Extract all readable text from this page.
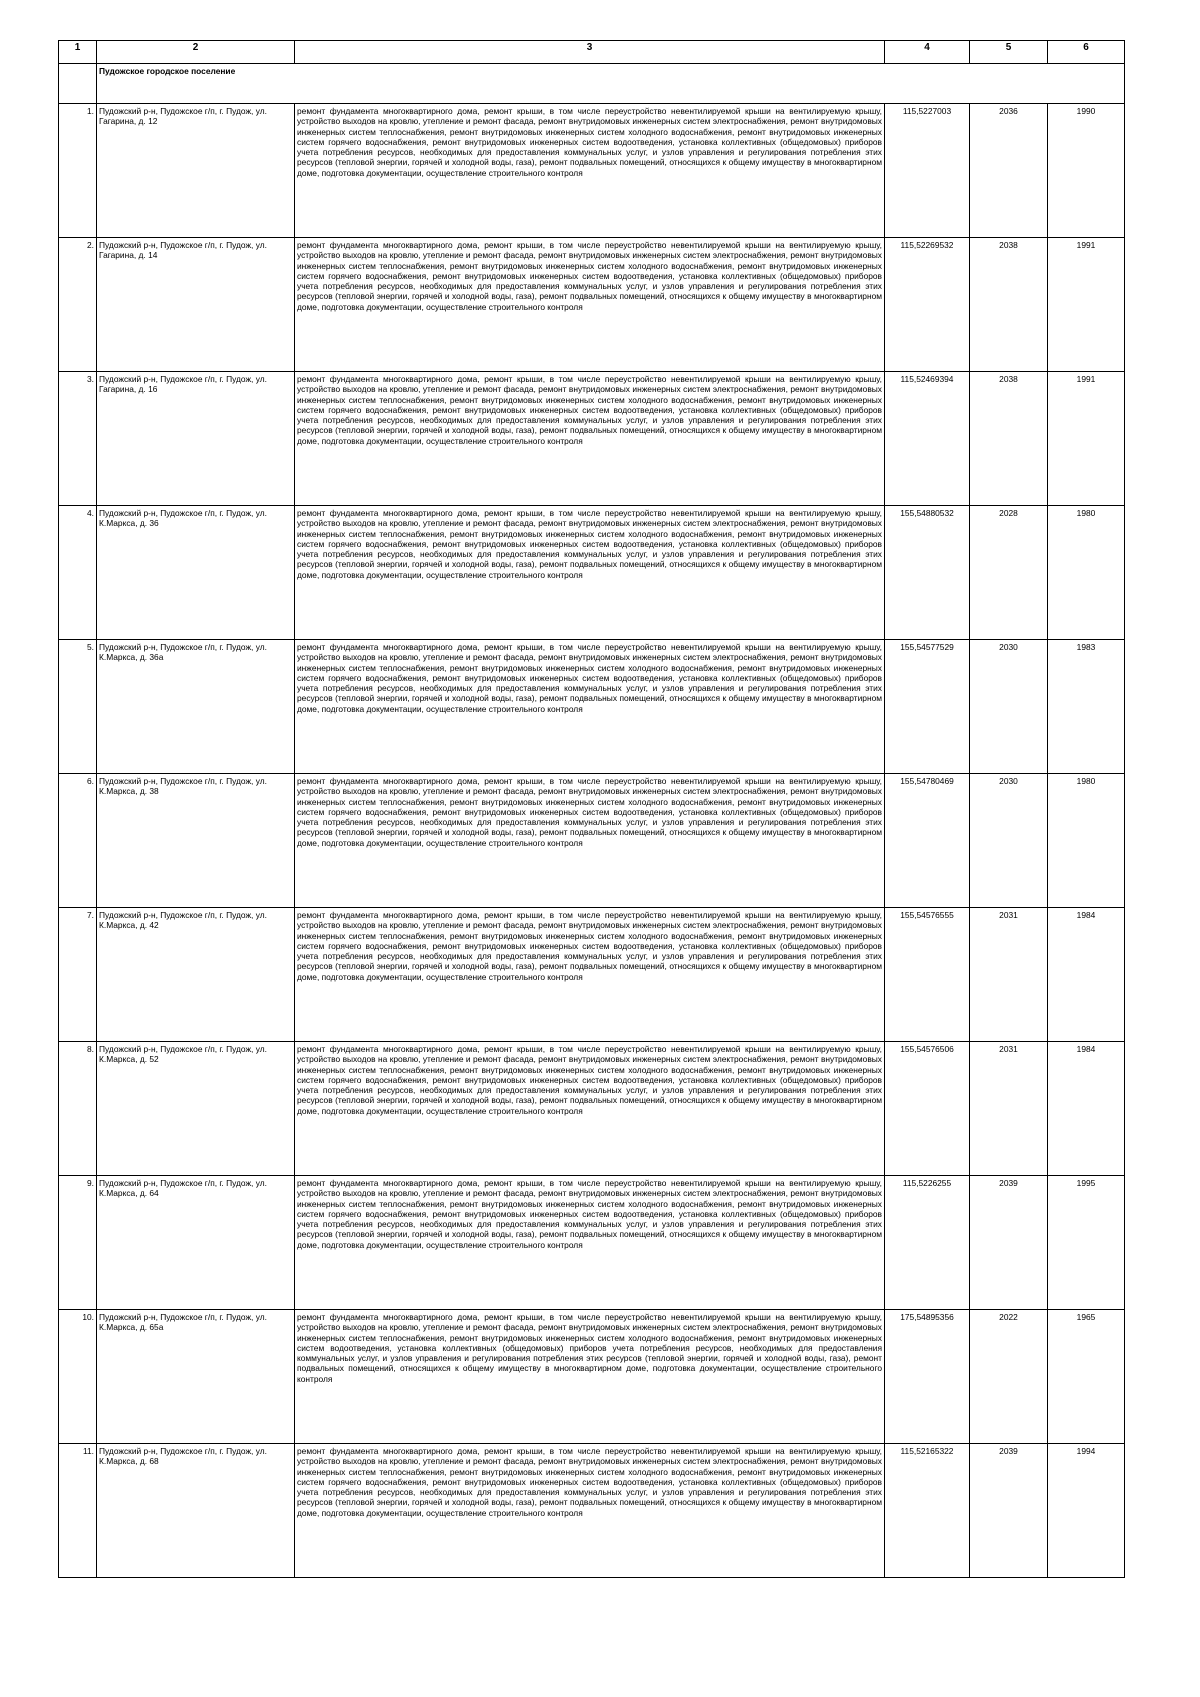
1	2	3	4	5	6
	Пудожское городское поселение				
1.	Пудожский р-н, Пудожское г/п, г. Пудож, ул. Гагарина, д. 12	ремонт фундамента многоквартирного дома, ремонт крыши, в том числе переустройство невентилируемой крыши на вентилируемую крышу, устройство выходов на кровлю, утепление и ремонт фасада, ремонт внутридомовых инженерных систем электроснабжения, ремонт внутридомовых инженерных систем теплоснабжения, ремонт внутридомовых инженерных систем холодного водоснабжения, ремонт внутридомовых инженерных систем горячего водоснабжения, ремонт внутридомовых инженерных систем водоотведения, установка коллективных (общедомовых) приборов учета потребления ресурсов, необходимых для предоставления коммунальных услуг, и узлов управления и регулирования потребления этих ресурсов (тепловой энергии, горячей и холодной воды, газа), ремонт подвальных помещений, относящихся к общему имуществу в многоквартирном доме, подготовка документации, осуществление строительного контроля	115,5227003	2036	1990
2.	Пудожский р-н, Пудожское г/п, г. Пудож, ул. Гагарина, д. 14	ремонт фундамента многоквартирного дома, ремонт крыши, в том числе переустройство невентилируемой крыши на вентилируемую крышу, устройство выходов на кровлю, утепление и ремонт фасада, ремонт внутридомовых инженерных систем электроснабжения, ремонт внутридомовых инженерных систем теплоснабжения, ремонт внутридомовых инженерных систем холодного водоснабжения, ремонт внутридомовых инженерных систем горячего водоснабжения, ремонт внутридомовых инженерных систем водоотведения, установка коллективных (общедомовых) приборов учета потребления ресурсов, необходимых для предоставления коммунальных услуг, и узлов управления и регулирования потребления этих ресурсов (тепловой энергии, горячей и холодной воды, газа), ремонт подвальных помещений, относящихся к общему имуществу в многоквартирном доме, подготовка документации, осуществление строительного контроля	115,52269532	2038	1991
3.	Пудожский р-н, Пудожское г/п, г. Пудож, ул. Гагарина, д. 16	ремонт фундамента многоквартирного дома, ремонт крыши, в том числе переустройство невентилируемой крыши на вентилируемую крышу, устройство выходов на кровлю, утепление и ремонт фасада, ремонт внутридомовых инженерных систем электроснабжения, ремонт внутридомовых инженерных систем теплоснабжения, ремонт внутридомовых инженерных систем холодного водоснабжения, ремонт внутридомовых инженерных систем горячего водоснабжения, ремонт внутридомовых инженерных систем водоотведения, установка коллективных (общедомовых) приборов учета потребления ресурсов, необходимых для предоставления коммунальных услуг, и узлов управления и регулирования потребления этих ресурсов (тепловой энергии, горячей и холодной воды, газа), ремонт подвальных помещений, относящихся к общему имуществу в многоквартирном доме, подготовка документации, осуществление строительного контроля	115,52469394	2038	1991
4.	Пудожский р-н, Пудожское г/п, г. Пудож, ул. К.Маркса, д. 36	ремонт фундамента многоквартирного дома, ремонт крыши, в том числе переустройство невентилируемой крыши на вентилируемую крышу, устройство выходов на кровлю, утепление и ремонт фасада, ремонт внутридомовых инженерных систем электроснабжения, ремонт внутридомовых инженерных систем теплоснабжения, ремонт внутридомовых инженерных систем холодного водоснабжения, ремонт внутридомовых инженерных систем горячего водоснабжения, ремонт внутридомовых инженерных систем водоотведения, установка коллективных (общедомовых) приборов учета потребления ресурсов, необходимых для предоставления коммунальных услуг, и узлов управления и регулирования потребления этих ресурсов (тепловой энергии, горячей и холодной воды, газа), ремонт подвальных помещений, относящихся к общему имуществу в многоквартирном доме, подготовка документации, осуществление строительного контроля	155,54880532	2028	1980
5.	Пудожский р-н, Пудожское г/п, г. Пудож, ул. К.Маркса, д. 36а	ремонт фундамента многоквартирного дома, ремонт крыши, в том числе переустройство невентилируемой крыши на вентилируемую крышу, устройство выходов на кровлю, утепление и ремонт фасада, ремонт внутридомовых инженерных систем электроснабжения, ремонт внутридомовых инженерных систем теплоснабжения, ремонт внутридомовых инженерных систем холодного водоснабжения, ремонт внутридомовых инженерных систем горячего водоснабжения, ремонт внутридомовых инженерных систем водоотведения, установка коллективных (общедомовых) приборов учета потребления ресурсов, необходимых для предоставления коммунальных услуг, и узлов управления и регулирования потребления этих ресурсов (тепловой энергии, горячей и холодной воды, газа), ремонт подвальных помещений, относящихся к общему имуществу в многоквартирном доме, подготовка документации, осуществление строительного контроля	155,54577529	2030	1983
6.	Пудожский р-н, Пудожское г/п, г. Пудож, ул. К.Маркса, д. 38	ремонт фундамента многоквартирного дома, ремонт крыши, в том числе переустройство невентилируемой крыши на вентилируемую крышу, устройство выходов на кровлю, утепление и ремонт фасада, ремонт внутридомовых инженерных систем электроснабжения, ремонт внутридомовых инженерных систем теплоснабжения, ремонт внутридомовых инженерных систем холодного водоснабжения, ремонт внутридомовых инженерных систем горячего водоснабжения, ремонт внутридомовых инженерных систем водоотведения, установка коллективных (общедомовых) приборов учета потребления ресурсов, необходимых для предоставления коммунальных услуг, и узлов управления и регулирования потребления этих ресурсов (тепловой энергии, горячей и холодной воды, газа), ремонт подвальных помещений, относящихся к общему имуществу в многоквартирном доме, подготовка документации, осуществление строительного контроля	155,54780469	2030	1980
7.	Пудожский р-н, Пудожское г/п, г. Пудож, ул. К.Маркса, д. 42	ремонт фундамента многоквартирного дома, ремонт крыши, в том числе переустройство невентилируемой крыши на вентилируемую крышу, устройство выходов на кровлю, утепление и ремонт фасада, ремонт внутридомовых инженерных систем электроснабжения, ремонт внутридомовых инженерных систем теплоснабжения, ремонт внутридомовых инженерных систем холодного водоснабжения, ремонт внутридомовых инженерных систем горячего водоснабжения, ремонт внутридомовых инженерных систем водоотведения, установка коллективных (общедомовых) приборов учета потребления ресурсов, необходимых для предоставления коммунальных услуг, и узлов управления и регулирования потребления этих ресурсов (тепловой энергии, горячей и холодной воды, газа), ремонт подвальных помещений, относящихся к общему имуществу в многоквартирном доме, подготовка документации, осуществление строительного контроля	155,54576555	2031	1984
8.	Пудожский р-н, Пудожское г/п, г. Пудож, ул. К.Маркса, д. 52	ремонт фундамента многоквартирного дома, ремонт крыши, в том числе переустройство невентилируемой крыши на вентилируемую крышу, устройство выходов на кровлю, утепление и ремонт фасада, ремонт внутридомовых инженерных систем электроснабжения, ремонт внутридомовых инженерных систем теплоснабжения, ремонт внутридомовых инженерных систем холодного водоснабжения, ремонт внутридомовых инженерных систем горячего водоснабжения, ремонт внутридомовых инженерных систем водоотведения, установка коллективных (общедомовых) приборов учета потребления ресурсов, необходимых для предоставления коммунальных услуг, и узлов управления и регулирования потребления этих ресурсов (тепловой энергии, горячей и холодной воды, газа), ремонт подвальных помещений, относящихся к общему имуществу в многоквартирном доме, подготовка документации, осуществление строительного контроля	155,54576506	2031	1984
9.	Пудожский р-н, Пудожское г/п, г. Пудож, ул. К.Маркса, д. 64	ремонт фундамента многоквартирного дома, ремонт крыши, в том числе переустройство невентилируемой крыши на вентилируемую крышу, устройство выходов на кровлю, утепление и ремонт фасада, ремонт внутридомовых инженерных систем электроснабжения, ремонт внутридомовых инженерных систем теплоснабжения, ремонт внутридомовых инженерных систем холодного водоснабжения, ремонт внутридомовых инженерных систем горячего водоснабжения, ремонт внутридомовых инженерных систем водоотведения, установка коллективных (общедомовых) приборов учета потребления ресурсов, необходимых для предоставления коммунальных услуг, и узлов управления и регулирования потребления этих ресурсов (тепловой энергии, горячей и холодной воды, газа), ремонт подвальных помещений, относящихся к общему имуществу в многоквартирном доме, подготовка документации, осуществление строительного контроля	115,5226255	2039	1995
10.	Пудожский р-н, Пудожское г/п, г. Пудож, ул. К.Маркса, д. 65а	ремонт фундамента многоквартирного дома, ремонт крыши, в том числе переустройство невентилируемой крыши на вентилируемую крышу, устройство выходов на кровлю, утепление и ремонт фасада, ремонт внутридомовых инженерных систем электроснабжения, ремонт внутридомовых инженерных систем теплоснабжения, ремонт внутридомовых инженерных систем холодного водоснабжения, ремонт внутридомовых инженерных систем водоотведения, установка коллективных (общедомовых) приборов учета потребления ресурсов, необходимых для предоставления коммунальных услуг, и узлов управления и регулирования потребления этих ресурсов (тепловой энергии, горячей и холодной воды, газа), ремонт подвальных помещений, относящихся к общему имуществу в многоквартирном доме, подготовка документации, осуществление строительного контроля	175,54895356	2022	1965
11.	Пудожский р-н, Пудожское г/п, г. Пудож, ул. К.Маркса, д. 68	ремонт фундамента многоквартирного дома, ремонт крыши, в том числе переустройство невентилируемой крыши на вентилируемую крышу, устройство выходов на кровлю, утепление и ремонт фасада, ремонт внутридомовых инженерных систем электроснабжения, ремонт внутридомовых инженерных систем теплоснабжения, ремонт внутридомовых инженерных систем холодного водоснабжения, ремонт внутридомовых инженерных систем горячего водоснабжения, ремонт внутридомовых инженерных систем водоотведения, установка коллективных (общедомовых) приборов учета потребления ресурсов, необходимых для предоставления коммунальных услуг, и узлов управления и регулирования потребления этих ресурсов (тепловой энергии, горячей и холодной воды, газа), ремонт подвальных помещений, относящихся к общему имуществу в многоквартирном доме, подготовка документации, осуществление строительного контроля	115,52165322	2039	1994
